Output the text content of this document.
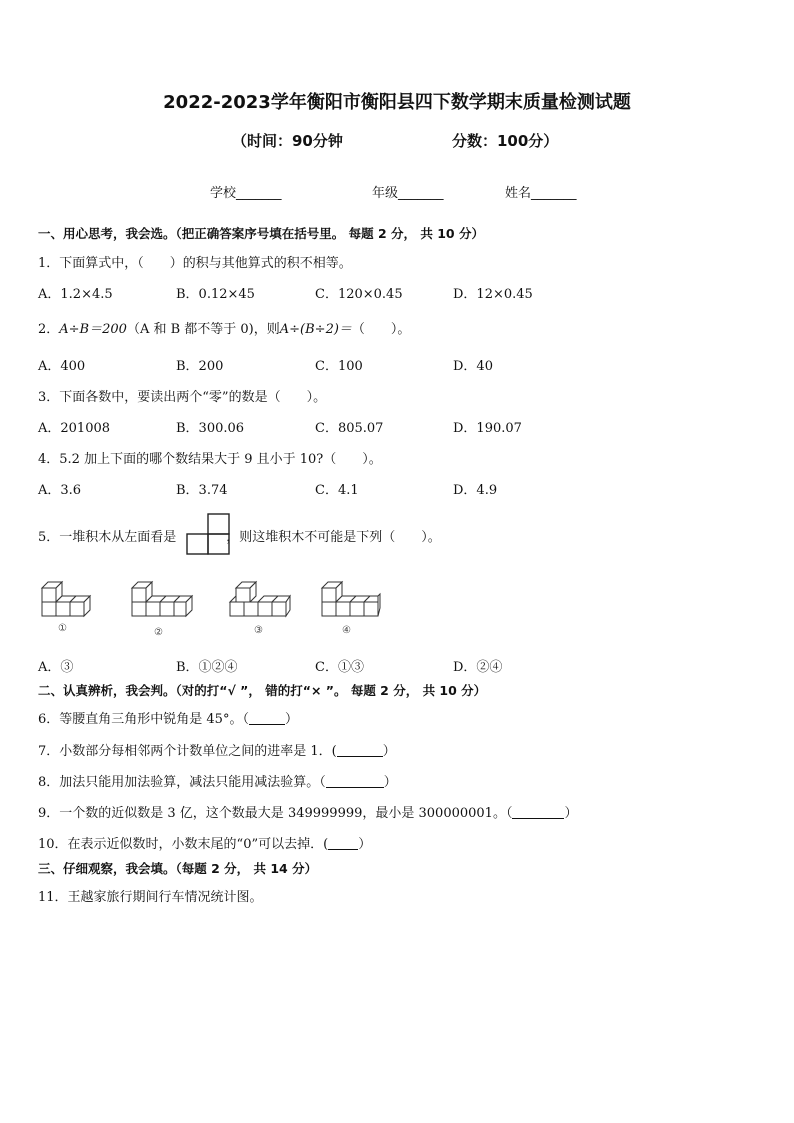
2022-2023学年衡阳市衡阳县四下数学期末质量检测试题
（时间：90分钟	分数：100分）
学校_______	年级_______	姓名_______
一、用心思考，我会选。（把正确答案序号填在括号里。 每题 2 分， 共 10 分）
1．下面算式中，（　　）的积与其他算式的积不相等。
A．1.2×4.5	B．0.12×45	C．120×0.45	D．12×0.45
2．A÷B＝200（A 和 B 都不等于 0)，则A÷(B÷2)＝（　　）。
A．400	B．200	C．100	D．40
3．下面各数中，要读出两个“零”的数是（　　）。
A．201008	B．300.06	C．805.07	D．190.07
4．5.2 加上下面的哪个数结果大于 9 且小于 10?（　　）。
A．3.6	B．3.74	C．4.1	D．4.9
5．一堆积木从左面看是	，则这堆积木不可能是下列（　　）。
①	②	③	④
A．③	B．①②④	C．①③	D．②④
二、认真辨析，我会判。（对的打“√ ”， 错的打“× ”。 每题 2 分， 共 10 分）
6．等腰直角三角形中锐角是 45°。（	）
7．小数部分每相邻两个计数单位之间的进率是 1．(	）
8．加法只能用加法验算，减法只能用减法验算。（	）
9．一个数的近似数是 3 亿，这个数最大是 349999999，最小是 300000001。（	）
10．在表示近似数时，小数末尾的“0”可以去掉．( ）
三、仔细观察，我会填。（每题 2 分， 共 14 分）
11．王越家旅行期间行车情况统计图。
